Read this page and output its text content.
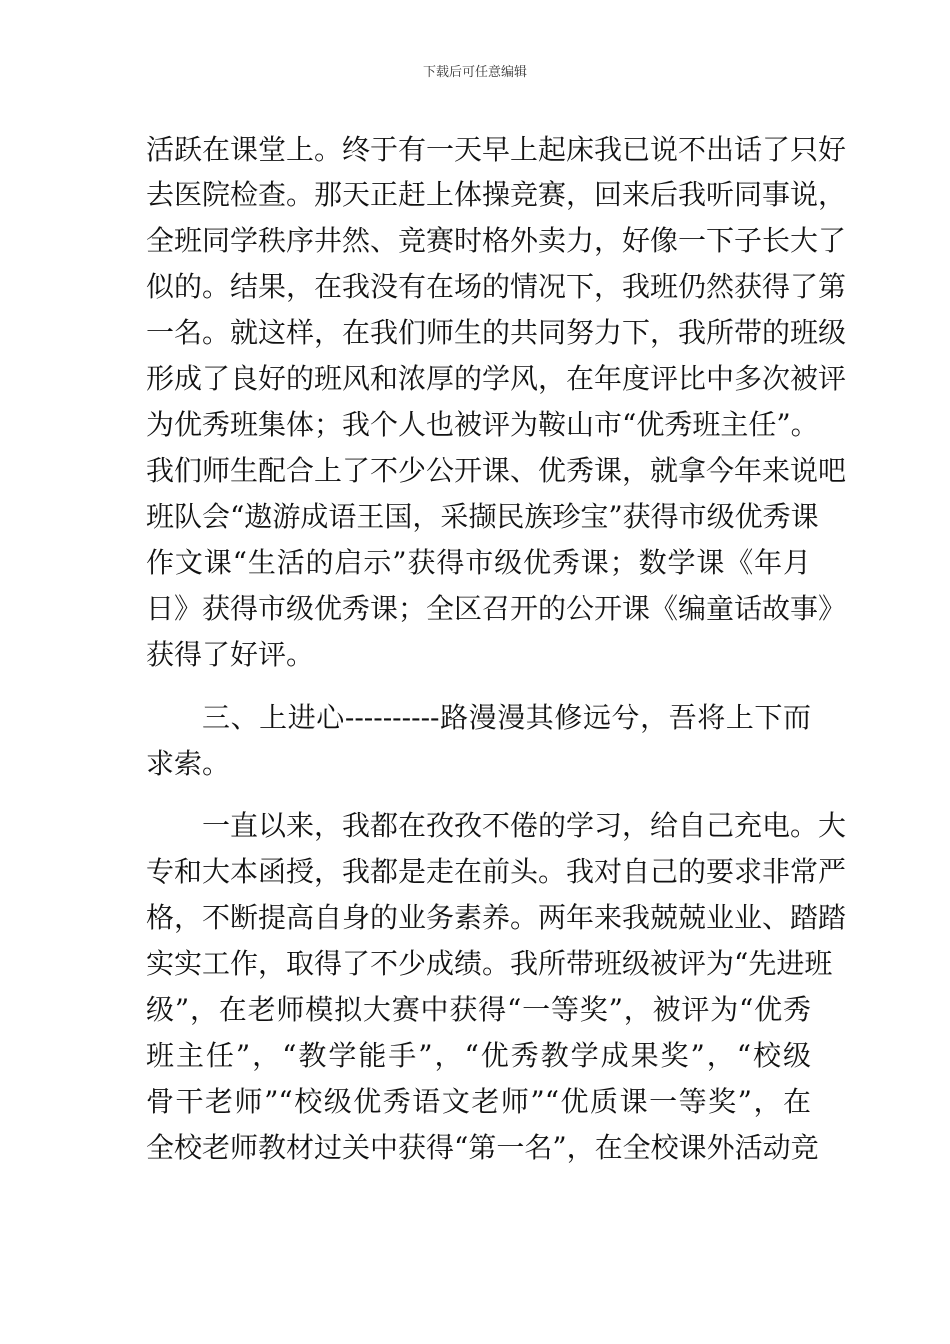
下载后可任意编辑
活跃在课堂上。终于有一天早上起床我已说不出话了只好
去医院检查。那天正赶上体操竞赛，回来后我听同事说，
全班同学秩序井然、竞赛时格外卖力，好像一下子长大了
似的。结果，在我没有在场的情况下，我班仍然获得了第
一名。就这样，在我们师生的共同努力下，我所带的班级
形成了良好的班风和浓厚的学风，在年度评比中多次被评
为优秀班集体；我个人也被评为鞍山市“优秀班主任”。
我们师生配合上了不少公开课、优秀课，就拿今年来说吧
班队会“遨游成语王国，采撷民族珍宝”获得市级优秀课
作文课“生活的启示”获得市级优秀课；数学课《年月
日》获得市级优秀课；全区召开的公开课《编童话故事》
获得了好评。
三、上进心----------路漫漫其修远兮，吾将上下而
求索。
一直以来，我都在孜孜不倦的学习，给自己充电。大
专和大本函授，我都是走在前头。我对自己的要求非常严
格，不断提高自身的业务素养。两年来我兢兢业业、踏踏
实实工作，取得了不少成绩。我所带班级被评为“先进班
级”，在老师模拟大赛中获得“一等奖”，被评为“优秀
班主任”，“教学能手”，“优秀教学成果奖”，“校级
骨干老师”“校级优秀语文老师”“优质课一等奖”，在
全校老师教材过关中获得“第一名”，在全校课外活动竞
